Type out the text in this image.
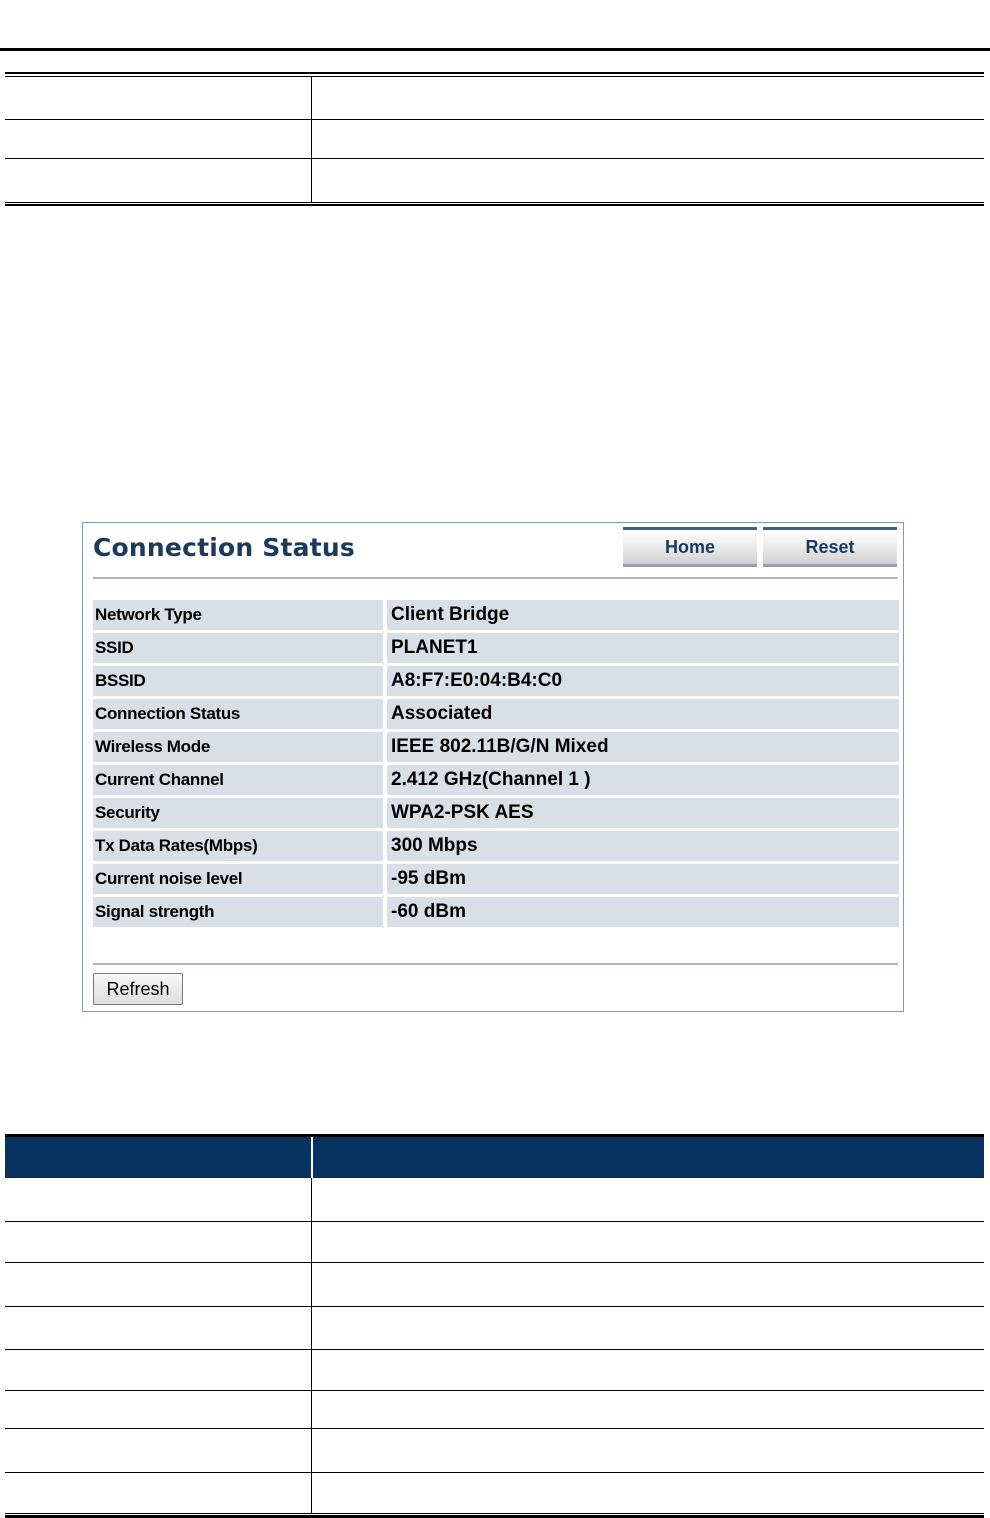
Connection Status	Home	Reset
Network Type	Client Bridge
SSID	PLANET1
BSSID	A8:F7:E0:04:B4:C0
Connection Status	Associated
Wireless Mode	IEEE 802.11B/G/N Mixed
Current Channel	2.412 GHz(Channel 1 )
Security	WPA2-PSK AES
Tx Data Rates(Mbps)	300 Mbps
Current noise level	-95 dBm
Signal strength	-60 dBm
Refresh
